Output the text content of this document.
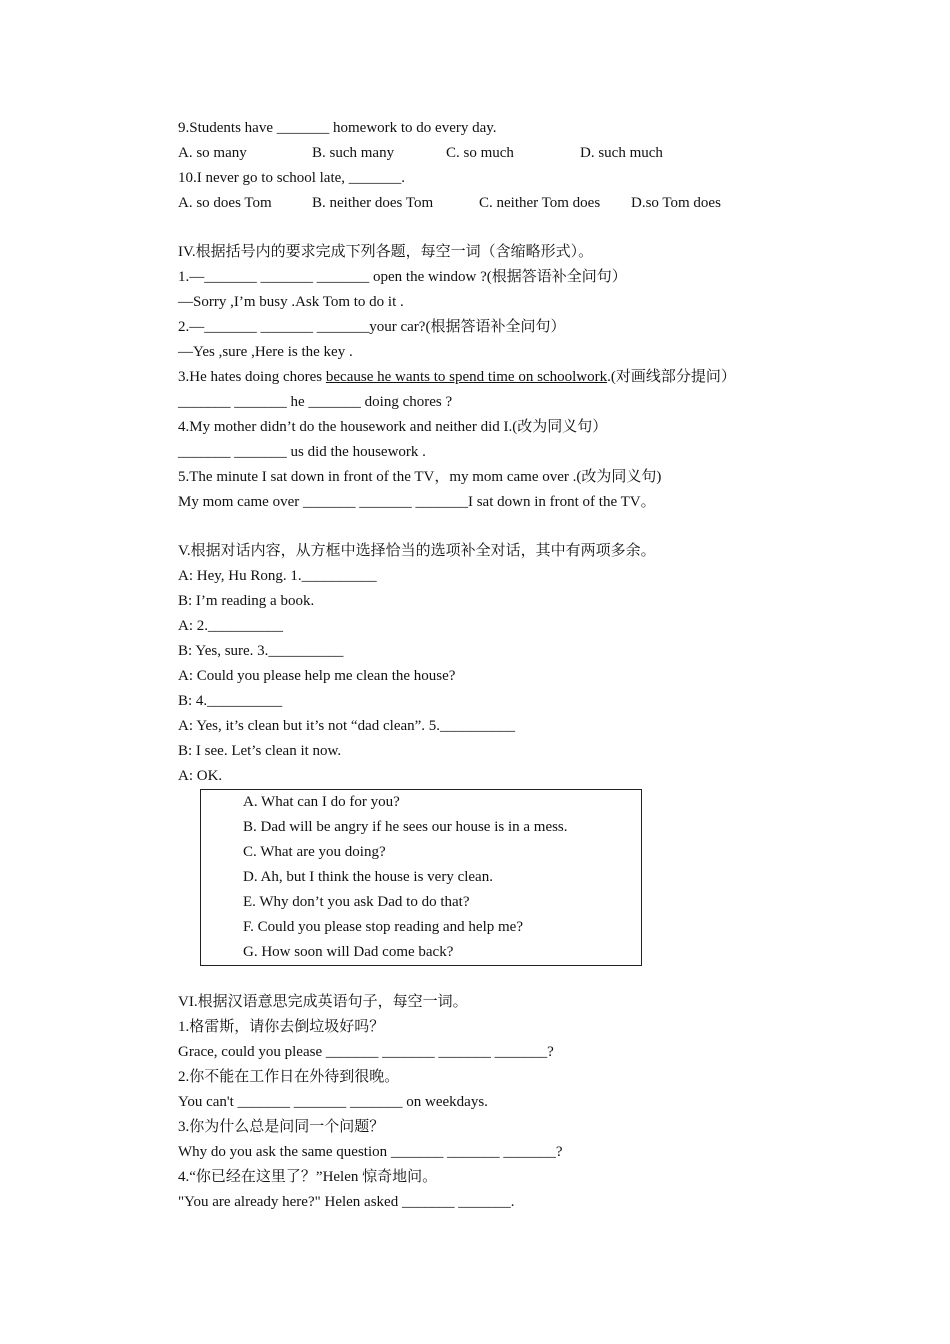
9.Students have _______ homework to do every day.
A. so many	B. such many	C. so much	D. such much
10.I never go to school late, _______.
A. so does Tom	B. neither does Tom	C. neither Tom does D.so Tom does
IV.根据括号内的要求完成下列各题，每空一词（含缩略形式）。
1.—_______ _______ _______ open the window ?(根据答语补全问句）
—Sorry ,I’m busy .Ask Tom to do it .
2.—_______ _______ _______your car?(根据答语补全问句）
—Yes ,sure ,Here is the key .
3.He hates doing chores because he wants to spend time on schoolwork.(对画线部分提问）
_______ _______ he _______ doing chores ?
4.My mother didn’t do the housework and neither did I.(改为同义句）
_______ _______ us did the housework .
5.The minute I sat down in front of the TV，my mom came over .(改为同义句)
My mom came over _______ _______ _______I sat down in front of the TV。
V.根据对话内容，从方框中选择恰当的选项补全对话，其中有两项多余。
A: Hey, Hu Rong. 1.__________
B: I’m reading a book.
A: 2.__________
B: Yes, sure. 3.__________
A: Could you please help me clean the house?
B: 4.__________
A: Yes, it’s clean but it’s not “dad clean”. 5.__________
B: I see. Let’s clean it now.
A: OK.
A. What can I do for you?
B. Dad will be angry if he sees our house is in a mess.
C. What are you doing?
D. Ah, but I think the house is very clean.
E. Why don’t you ask Dad to do that?
F. Could you please stop reading and help me?
G. How soon will Dad come back?
VI.根据汉语意思完成英语句子，每空一词。
1.格雷斯，请你去倒垃圾好吗？
Grace, could you please _______ _______ _______ _______?
2.你不能在工作日在外待到很晚。
You can't _______ _______ _______ on weekdays.
3.你为什么总是问同一个问题？
Why do you ask the same question _______ _______ _______?
4.“你已经在这里了？”Helen 惊奇地问。
"You are already here?" Helen asked _______ _______.
